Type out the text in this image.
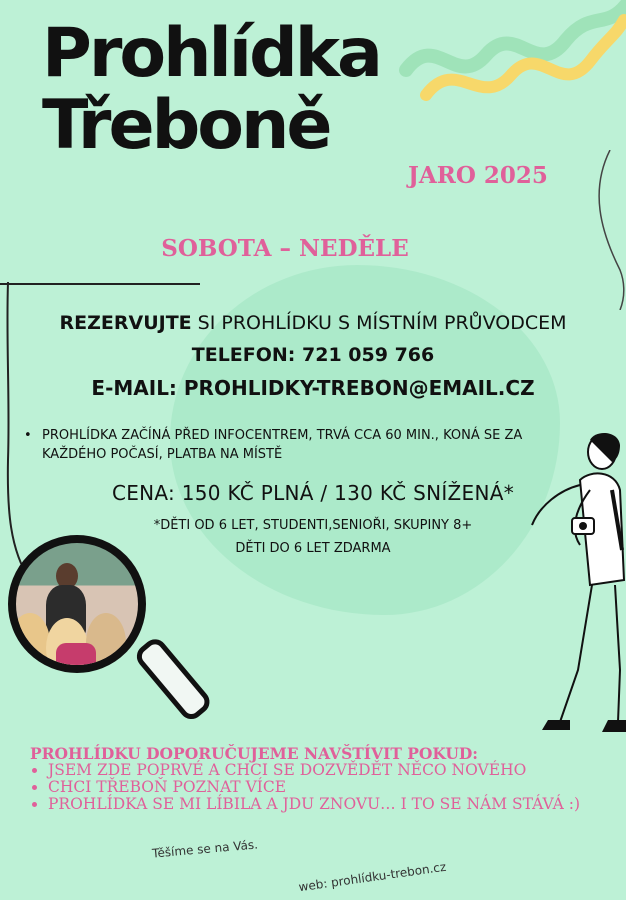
Prohlídka
Třeboně
JARO 2025
SOBOTA – NEDĚLE
REZERVUJTE SI PROHLÍDKU S MÍSTNÍM PRŮVODCEM
TELEFON: 721 059 766
E-MAIL: PROHLIDKY-TREBON@EMAIL.CZ
• PROHLÍDKA ZAČÍNÁ PŘED INFOCENTREM, TRVÁ CCA 60 MIN., KONÁ SE ZA KAŽDÉHO POČASÍ, PLATBA NA MÍSTĚ
CENA: 150 KČ PLNÁ / 130 KČ SNÍŽENÁ*
*DĚTI OD 6 LET, STUDENTI,SENIOŘI, SKUPINY 8+
DĚTI DO 6 LET ZDARMA
PROHLÍDKU DOPORUČUJEME NAVŠTÍVIT POKUD:
• JSEM ZDE POPRVÉ A CHCI SE DOZVĚDĚT NĚCO NOVÉHO
• CHCI TŘEBOŇ POZNAT VÍCE
• PROHLÍDKA SE MI LÍBILA A JDU ZNOVU… I TO SE NÁM STÁVÁ :)
Těšíme se na Vás.
web: prohlídku-trebon.cz
